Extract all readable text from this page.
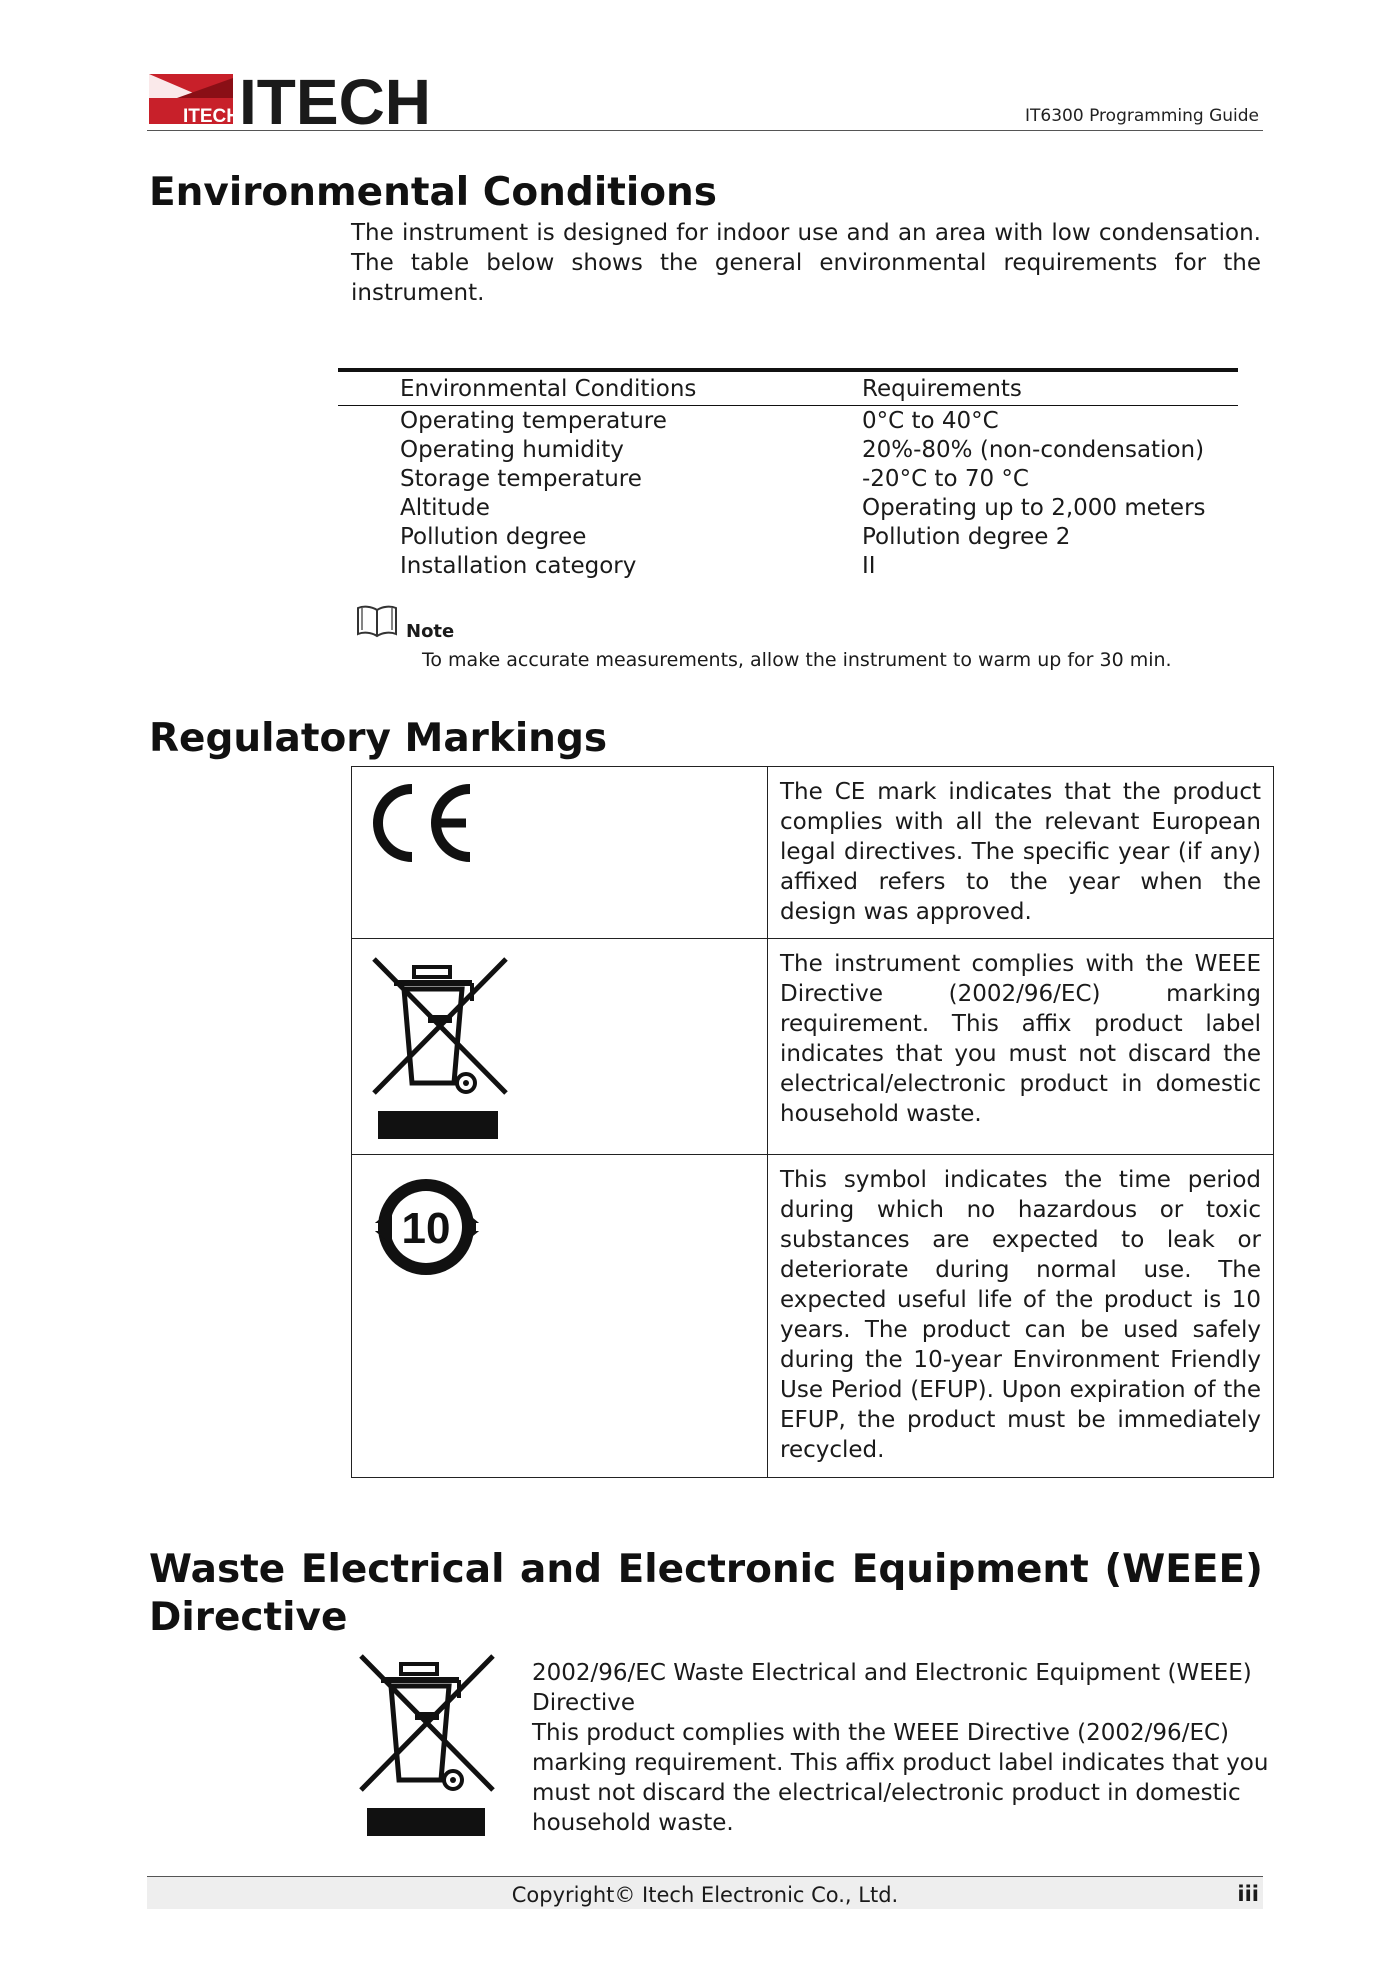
ITECH ITECH	IT6300 Programming Guide
Environmental Conditions

The instrument is designed for indoor use and an area with low condensation. The table below shows the general environmental requirements for the instrument.

Environmental Conditions	Requirements
Operating temperature	0°C to 40°C
Operating humidity	20%-80% (non-condensation)
Storage temperature	-20°C to 70 °C
Altitude	Operating up to 2,000 meters
Pollution degree	Pollution degree 2
Installation category	II
Note
To make accurate measurements, allow the instrument to warm up for 30 min.
Regulatory Markings
The CE mark indicates that the product complies with all the relevant European legal directives. The specific year (if any) affixed refers to the year when the design was approved.
The instrument complies with the WEEE Directive (2002/96/EC) marking requirement. This affix product label indicates that you must not discard the electrical/electronic product in domestic household waste.
10
This symbol indicates the time period during which no hazardous or toxic substances are expected to leak or deteriorate during normal use. The expected useful life of the product is 10 years. The product can be used safely during the 10-year Environment Friendly Use Period (EFUP). Upon expiration of the EFUP, the product must be immediately recycled.
Waste Electrical and Electronic Equipment (WEEE) Directive

2002/96/EC Waste Electrical and Electronic Equipment (WEEE) Directive

This product complies with the WEEE Directive (2002/96/EC) marking requirement. This affix product label indicates that you must not discard the electrical/electronic product in domestic household waste.

Copyright© Itech Electronic Co., Ltd.	iii
